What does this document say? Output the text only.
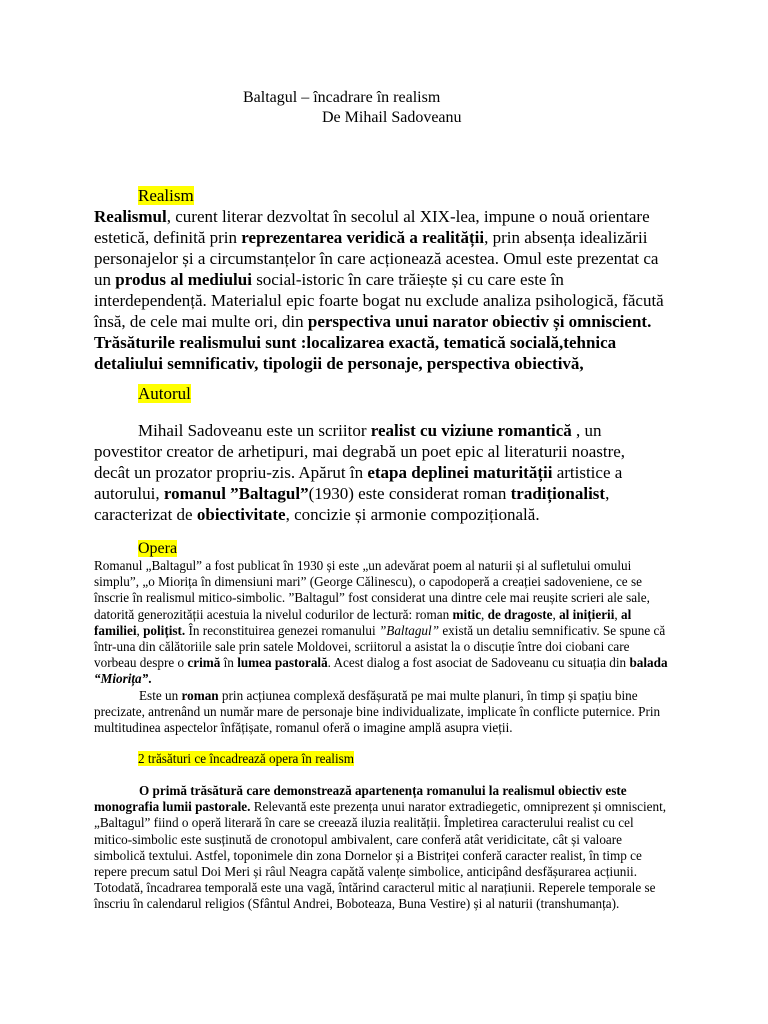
Baltagul – încadrare în realism
De Mihail Sadoveanu
Realism

Realismul, curent literar dezvoltat în secolul al XIX-lea, impune o nouă orientare estetică, definită prin reprezentarea veridică a realității, prin absența idealizării personajelor și a circumstanțelor în care acționează acestea. Omul este prezentat ca un produs al mediului social-istoric în care trăiește și cu care este în interdependență. Materialul epic foarte bogat nu exclude analiza psihologică, făcută însă, de cele mai multe ori, din perspectiva unui narator obiectiv și omniscient. Trăsăturile realismului sunt :localizarea exactă, tematică socială,tehnica detaliului semnificativ, tipologii de personaje, perspectiva obiectivă,

Autorul

Mihail Sadoveanu este un scriitor realist cu viziune romantică , un povestitor creator de arhetipuri, mai degrabă un poet epic al literaturii noastre, decât un prozator propriu-zis. Apărut în etapa deplinei maturității artistice a autorului, romanul ”Baltagul”(1930) este considerat roman tradiționalist, caracterizat de obiectivitate, concizie și armonie compozițională.

Opera

Romanul „Baltagul” a fost publicat în 1930 și este „un adevărat poem al naturii și al sufletului omului simplu”, „o Miorița în dimensiuni mari” (George Călinescu), o capodoperă a creației sadoveniene, ce se înscrie în realismul mitico-simbolic. ”Baltagul” fost considerat una dintre cele mai reușite scrieri ale sale, datorită generozității acestuia la nivelul codurilor de lectură: roman mitic, de dragoste, al inițierii, al familiei, polițist. În reconstituirea genezei romanului ”Baltagul” există un detaliu semnificativ. Se spune că într-una din călătoriile sale prin satele Moldovei, scriitorul a asistat la o discuție între doi ciobani care vorbeau despre o crimă în lumea pastorală. Acest dialog a fost asociat de Sadoveanu cu situația din balada “Miorița”.

Este un roman prin acțiunea complexă desfășurată pe mai multe planuri, în timp și spațiu bine precizate, antrenând un număr mare de personaje bine individualizate, implicate în conflicte puternice. Prin multitudinea aspectelor înfățișate, romanul oferă o imagine amplă asupra vieții.

2 trăsături ce încadrează opera în realism

O primă trăsătură care demonstrează apartenența romanului la realismul obiectiv este monografia lumii pastorale. Relevantă este prezența unui narator extradiegetic, omniprezent și omniscient, „Baltagul” fiind o operă literară în care se creează iluzia realității. Împletirea caracterului realist cu cel mitico-simbolic este susținută de cronotopul ambivalent, care conferă atât veridicitate, cât și valoare simbolică textului. Astfel, toponimele din zona Dornelor și a Bistriței conferă caracter realist, în timp ce repere precum satul Doi Meri și râul Neagra capătă valențe simbolice, anticipând desfășurarea acțiunii. Totodată, încadrarea temporală este una vagă, întărind caracterul mitic al narațiunii. Reperele temporale se înscriu în calendarul religios (Sfântul Andrei, Boboteaza, Buna Vestire) și al naturii (transhumanța).
